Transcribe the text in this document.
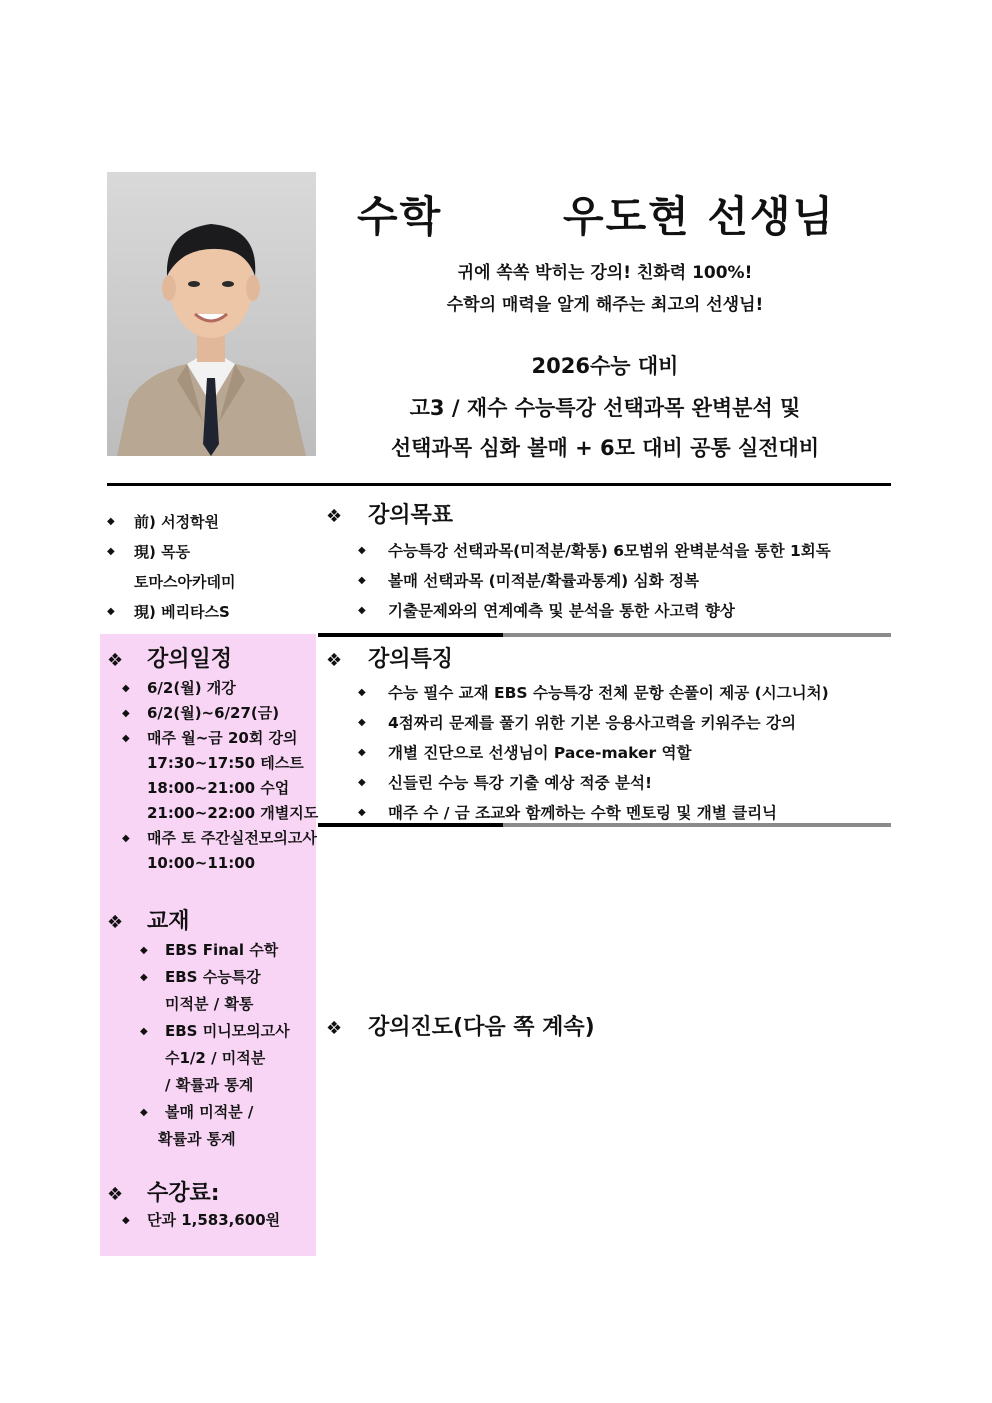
수학	우도현 선생님
귀에 쏙쏙 박히는 강의! 친화력 100%!
수학의 매력을 알게 해주는 최고의 선생님!
2026수능 대비
고3 / 재수 수능특강 선택과목 완벽분석 및
선택과목 심화 볼매 + 6모 대비 공통 실전대비
◆	前) 서정학원
◆	現) 목동
토마스아카데미
◆	現) 베리타스S
❖ 강의일정
◆	6/2(월) 개강
◆	6/2(월)~6/27(금)
◆	매주 월~금 20회 강의
17:30~17:50 테스트
18:00~21:00 수업
21:00~22:00 개별지도
◆	매주 토 주간실전모의고사
10:00~11:00
❖ 교재
◆	EBS Final 수학
◆	EBS 수능특강
미적분 / 확통
◆	EBS 미니모의고사
수1/2 / 미적분
/ 확률과 통계
◆	볼매 미적분 /
확률과 통계
❖ 수강료:
◆	단과 1,583,600원
❖ 강의목표
◆	수능특강 선택과목(미적분/확통) 6모범위 완벽분석을 통한 1회독
◆	볼매 선택과목 (미적분/확률과통계) 심화 정복
◆	기출문제와의 연계예측 및 분석을 통한 사고력 향상
❖ 강의특징
◆	수능 필수 교재 EBS 수능특강 전체 문항 손풀이 제공 (시그니처)
◆	4점짜리 문제를 풀기 위한 기본 응용사고력을 키워주는 강의
◆	개별 진단으로 선생님이 Pace-maker 역할
◆	신들린 수능 특강 기출 예상 적중 분석!
◆	매주 수 / 금 조교와 함께하는 수학 멘토링 및 개별 클리닉
❖ 강의진도(다음 쪽 계속)
